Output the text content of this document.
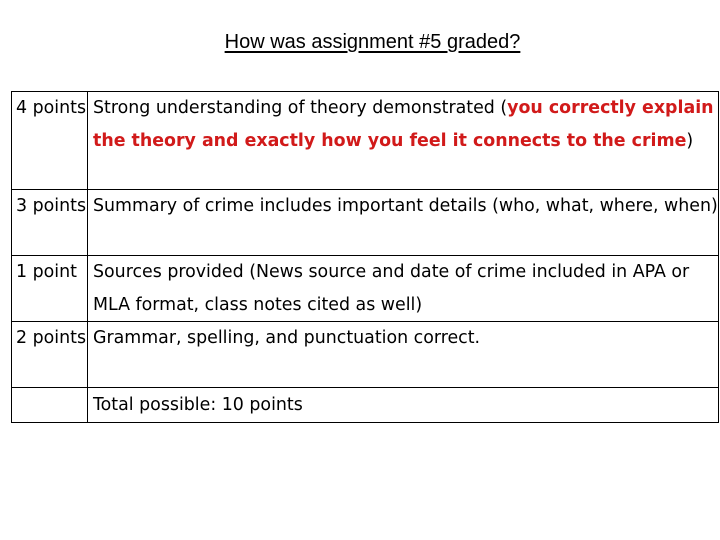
How was assignment #5 graded?
4 points	Strong understanding of theory demonstrated (you correctly explain the theory and exactly how you feel it connects to the crime)
3 points	Summary of crime includes important details (who, what, where, when)
1 point	Sources provided (News source and date of crime included in APA or MLA format, class notes cited as well)
2 points	Grammar, spelling, and punctuation correct.
	Total possible: 10 points
